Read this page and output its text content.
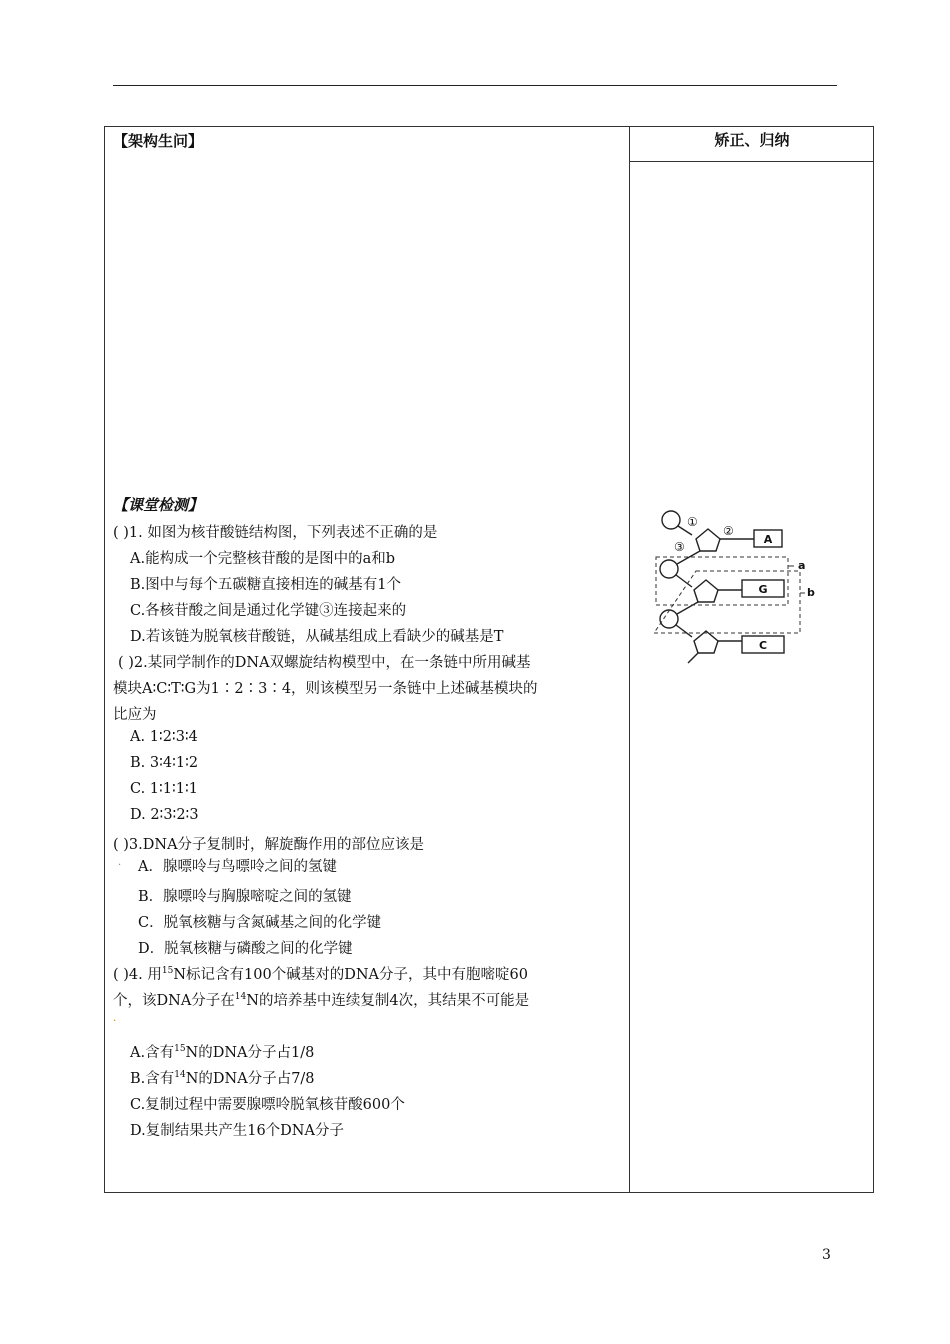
【架构生问】	矫正、归纳
【课堂检测】
( )1. 如图为核苷酸链结构图，下列表述不正确的是
A.能构成一个完整核苷酸的是图中的a和b
B.图中与每个五碳糖直接相连的碱基有1个
C.各核苷酸之间是通过化学键③连接起来的
D.若该链为脱氧核苷酸链，从碱基组成上看缺少的碱基是T
( )2.某同学制作的DNA双螺旋结构模型中，在一条链中所用碱基
模块A∶C∶T∶G为1∶2∶3∶4，则该模型另一条链中上述碱基模块的
比应为
A. 1∶2∶3∶4
B. 3∶4∶1∶2
C. 1∶1∶1∶1
D. 2∶3∶2∶3
( )3.DNA分子复制时，解旋酶作用的部位应该是
· A．腺嘌呤与鸟嘌呤之间的氢键
B．腺嘌呤与胸腺嘧啶之间的氢键
C．脱氧核糖与含氮碱基之间的化学键
D．脱氧核糖与磷酸之间的化学键
( )4. 用$^{15}$N标记含有100个碱基对的DNA分子，其中有胞嘧啶60
个，该DNA分子在$^{14}$N的培养基中连续复制4次，其结果不可能是
·
A.含有$^{15}$N的DNA分子占1/8
B.含有$^{14}$N的DNA分子占7/8
C.复制过程中需要腺嘌呤脱氧核苷酸600个
D.复制结果共产生16个DNA分子
①
②
③
a
b
A
G
C
3
